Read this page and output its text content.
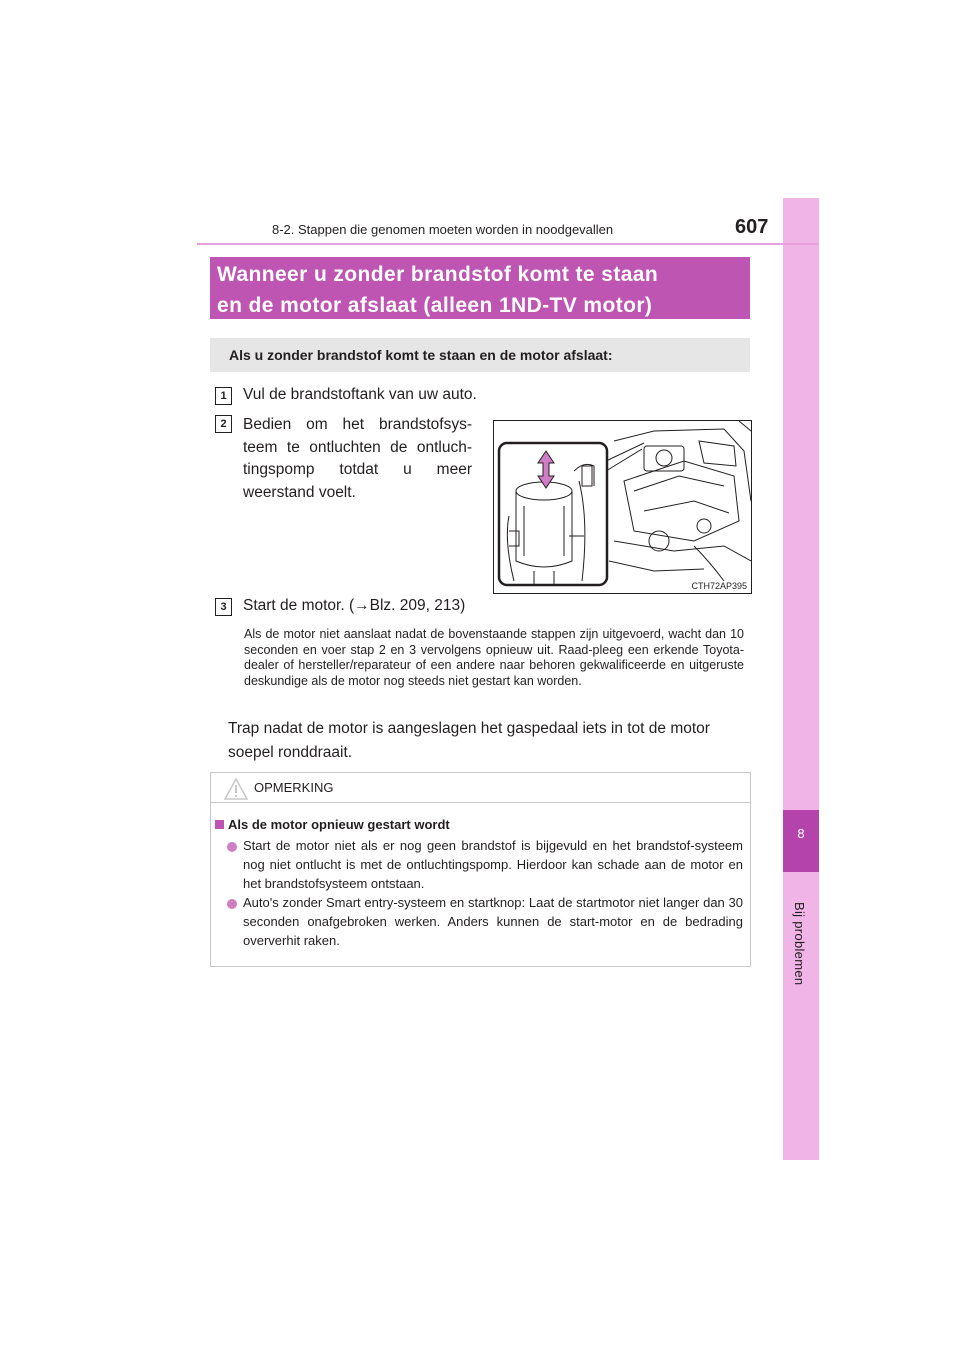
8
Bij problemen
8-2. Stappen die genomen moeten worden in noodgevallen	607
Wanneer u zonder brandstof komt te staan
en de motor afslaat (alleen 1ND-TV motor)
Als u zonder brandstof komt te staan en de motor afslaat:
1	Vul de brandstoftank van uw auto.

2	Bedien om het brandstofsys-
teem te ontluchten de ontluch-
tingspomp totdat u meer
weerstand voelt.
CTH72AP395
3	Start de motor. (→Blz. 209, 213)

Als de motor niet aanslaat nadat de bovenstaande stappen zijn uitgevoerd, wacht dan 10 seconden en voer stap 2 en 3 vervolgens opnieuw uit. Raad-pleeg een erkende Toyota-dealer of hersteller/reparateur of een andere naar behoren gekwalificeerde en uitgeruste deskundige als de motor nog steeds niet gestart kan worden.

Trap nadat de motor is aangeslagen het gaspedaal iets in tot de motor soepel ronddraait.

OPMERKING
Als de motor opnieuw gestart wordt

Start de motor niet als er nog geen brandstof is bijgevuld en het brandstof-systeem nog niet ontlucht is met de ontluchtingspomp. Hierdoor kan schade aan de motor en het brandstofsysteem ontstaan.

Auto's zonder Smart entry-systeem en startknop: Laat de startmotor niet langer dan 30 seconden onafgebroken werken. Anders kunnen de start-motor en de bedrading oververhit raken.
